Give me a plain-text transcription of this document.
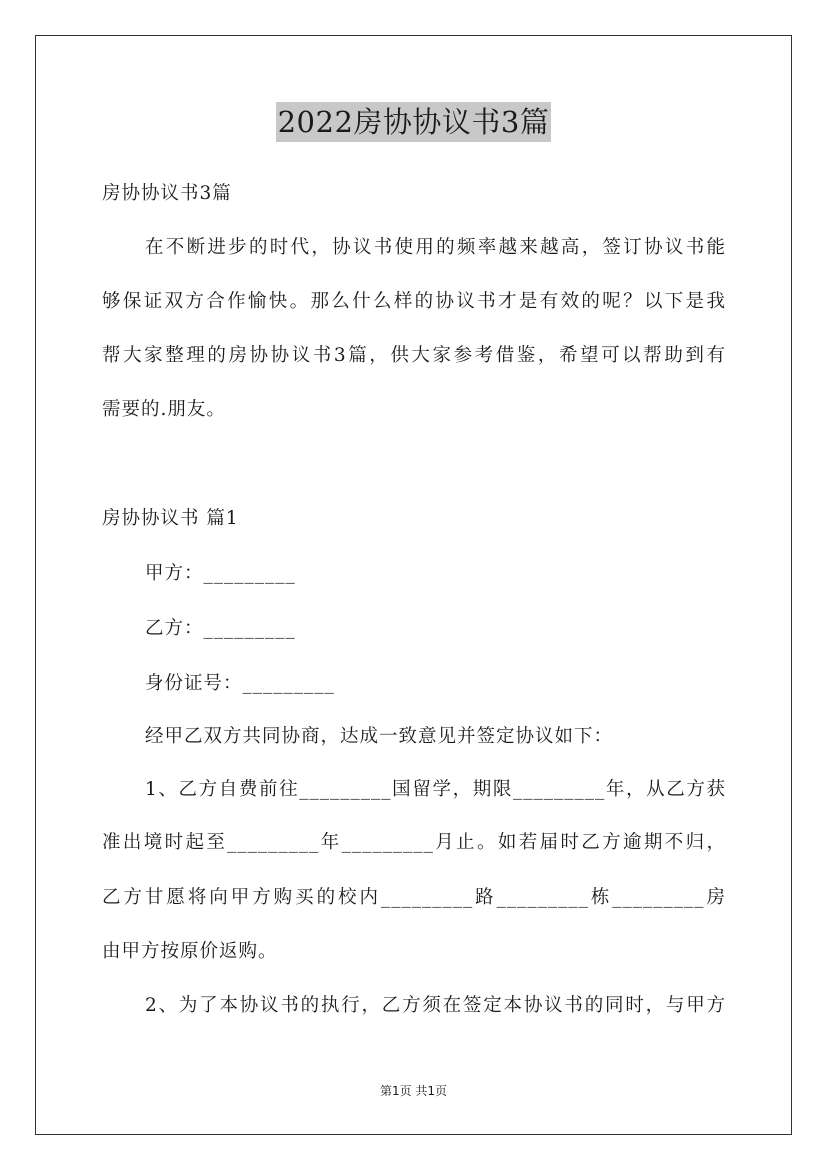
2022房协协议书3篇
房协协议书3篇
在不断进步的时代，协议书使用的频率越来越高，签订协议书能
够保证双方合作愉快。那么什么样的协议书才是有效的呢？以下是我
帮大家整理的房协协议书3篇，供大家参考借鉴，希望可以帮助到有
需要的.朋友。
房协协议书 篇1
甲方：_________
乙方：_________
身份证号：_________
经甲乙双方共同协商，达成一致意见并签定协议如下：
1、乙方自费前往_________国留学，期限_________年，从乙方获
准出境时起至_________年_________月止。如若届时乙方逾期不归，
乙方甘愿将向甲方购买的校内_________路_________栋_________房
由甲方按原价返购。
2、为了本协议书的执行，乙方须在签定本协议书的同时，与甲方
第1页 共1页
